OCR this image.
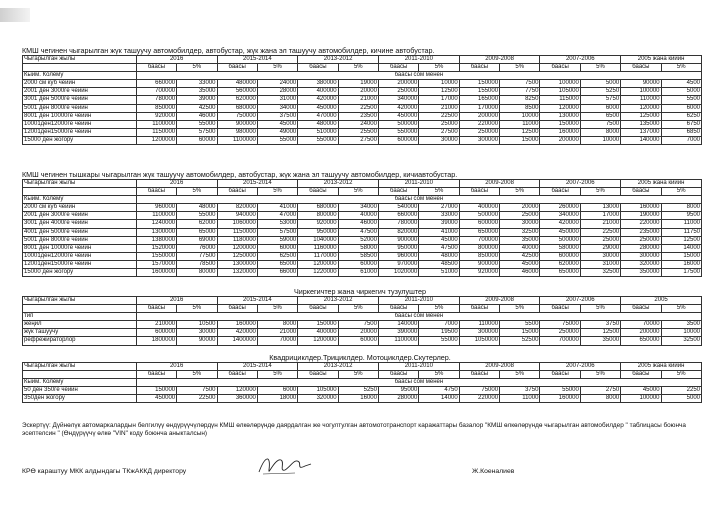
КМШ чегинен чыгарылган жүк ташуучу автомобилдер, автобустар, жүк жана эл ташуучу автомобилдер, кичине автобустар.
Чыгарылган жылы	2016		2015-2014		2013-2012		2011-2010		2009-2008		2007-2006		2005 жана кийин	
	баасы	5%	баасы	5%	баасы	5%	баасы	5%	баасы	5%	баасы	5%	баасы	5%
Кыйм. Колему	баасы сом менен													
2000 см куб чейин	660000	33000	480000	24000	380000	19000	200000	10000	150000	7500	100000	5000	90000	4500
2001 ден 3000гe чейин	700000	35000	560000	28000	400000	20000	250000	12500	155000	7750	105000	5250	100000	5000
3001 ден 5000гe чейин	780000	39000	620000	31000	420000	21000	340000	17000	165000	8250	115000	5750	110000	5500
5001 ден 8000гe чейин	850000	42500	680000	34000	450000	22500	420000	21000	170000	8500	120000	6000	120000	6000
8001 ден 10000гe чейин	920000	46000	750000	37500	470000	23500	450000	22500	200000	10000	130000	6500	125000	6250
10001ден12000гe чейин	1100000	55000	900000	45000	480000	24000	500000	25000	220000	11000	150000	7500	135000	6750
12001ден15000гe чейин	1150000	57500	980000	49000	510000	25500	550000	27500	250000	12500	160000	8000	137000	6850
15000 ден жогору	1200000	60000	1100000	55000	550000	27500	600000	30000	300000	15000	200000	10000	140000	7000
КМШ чегинен тышкары чыгарылган жүк ташуучу автомобилдер, автобустар, жүк жана эл ташуучу автомобилдер, кичиавтобустар.
Чыгарылган жылы	2016		2015-2014		2013-2012		2011-2010		2009-2008		2007-2006		2005 жана кийин	
	баасы	5%	баасы	5%	баасы	5%	баасы	5%	баасы	5%	баасы	5%	баасы	5%
Кыйм. Колему	баасы сом менен													
2000 см куб чейин	960000	48000	820000	41000	680000	34000	540000	27000	400000	20000	260000	13000	160000	8000
2001 ден 3000гe чейин	1100000	55000	940000	47000	800000	40000	660000	33000	500000	25000	340000	17000	190000	9500
3001 ден 4000гe чейин	1240000	62000	1060000	53000	920000	46000	780000	39000	600000	30000	420000	21000	220000	11000
4001 ден 5000гe чейин	1300000	65000	1150000	57500	950000	47500	820000	41000	650000	32500	450000	22500	235000	11750
5001 ден 8000гe чейин	1380000	69000	1180000	59000	1040000	52000	900000	45000	700000	35000	500000	25000	250000	12500
8001 ден 10000гe чейин	1520000	76000	1200000	60000	1160000	58000	950000	47500	800000	40000	580000	29000	280000	14000
10001ден12000гe чейин	1550000	77500	1250000	62500	1170000	58500	960000	48000	850000	42500	600000	30000	300000	15000
12001ден15000гe чейин	1570000	78500	1300000	65000	1200000	60000	970000	48500	900000	45000	620000	31000	320000	16000
15000 ден жогору	1600000	80000	1320000	66000	1220000	61000	1020000	51000	920000	46000	650000	32500	350000	17500
Чиркегичтер жана чиркегич тузулуштер
Чыгарылган жылы	2016		2015-2014		2013-2012		2011-2010		2009-2008		2007-2006		2005	
	баасы	5%	баасы	5%	баасы	5%	баасы	5%	баасы	5%	баасы	5%	баасы	5%
тип	баасы сом менен													
жеңил	210000	10500	160000	8000	150000	7500	140000	7000	110000	5500	75000	3750	70000	3500
жүк ташуучу	600000	30000	420000	21000	400000	20000	390000	19500	300000	15000	250000	12500	200000	10000
рефрежираторлор	1800000	90000	1400000	70000	1200000	60000	1100000	55000	1050000	52500	700000	35000	650000	32500
Квадрициклдер.Трициклдер. Мотоциклдер.Скутерлер.
Чыгарылган жылы	2016		2015-2014		2013-2012		2011-2010		2009-2008		2007-2006		2005 жана кийин	
	баасы	5%	баасы	5%	баасы	5%	баасы	5%	баасы	5%	баасы	5%	баасы	5%
Кыйм. Колему	баасы сом менен													
50 ден 350гe чейин	150000	7500	120000	6000	105000	5250	95000	4750	75000	3750	55000	2750	45000	2250
350ден жогору	450000	22500	360000	18000	320000	16000	280000	14000	220000	11000	160000	8000	100000	5000
Эскертүү: Дүйнөлүк автомаркалардын белгилүү өндүрүүчүлөрдүн КМШ өлкөлөрүндө даярдалган же чогултулган автомототранспорт каражаттары базалор "КМШ өлкөлөрүндө чыгарылган автомобилдер " таблицасы боюнча эсептелсин " (Өндүрүүчү өлкө "VIN" коду боюнча аныкталсын)
КРӨ караштуу МКК алдындагы ТКжАККД директору	Ж.Коеналиев
